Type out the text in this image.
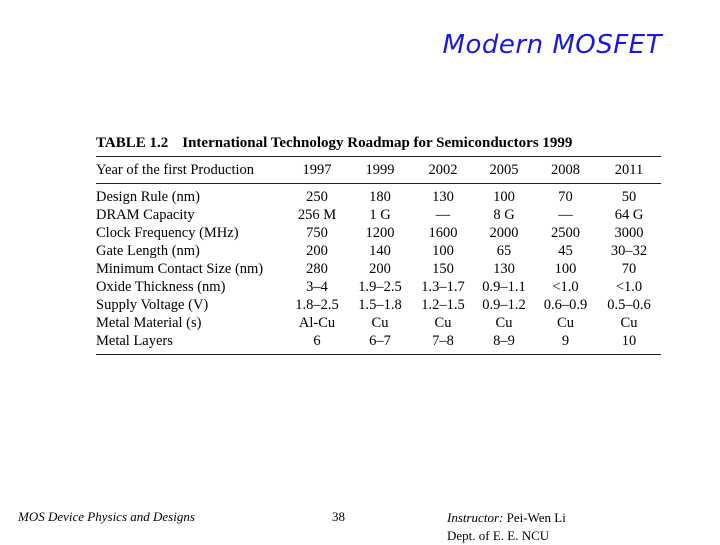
Modern MOSFET
TABLE 1.2 International Technology Roadmap for Semiconductors 1999
Year of the first Production	1997	1999	2002	2005	2008	2011
Design Rule (nm)	250	180	130	100	70	50
DRAM Capacity	256 M	1 G	—	8 G	—	64 G
Clock Frequency (MHz)	750	1200	1600	2000	2500	3000
Gate Length (nm)	200	140	100	65	45	30–32
Minimum Contact Size (nm)	280	200	150	130	100	70
Oxide Thickness (nm)	3–4	1.9–2.5	1.3–1.7	0.9–1.1	<1.0	<1.0
Supply Voltage (V)	1.8–2.5	1.5–1.8	1.2–1.5	0.9–1.2	0.6–0.9	0.5–0.6
Metal Material (s)	Al-Cu	Cu	Cu	Cu	Cu	Cu
Metal Layers	6	6–7	7–8	8–9	9	10
MOS Device Physics and Designs	38	Instructor: Pei-Wen Li
Dept. of E. E. NCU
